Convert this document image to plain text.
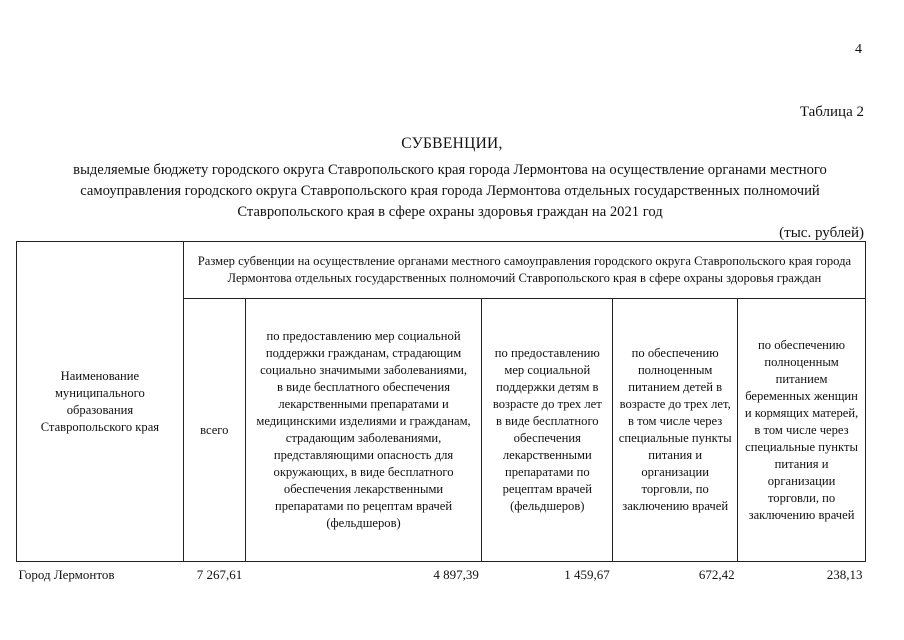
4
Таблица 2
СУБВЕНЦИИ,
выделяемые бюджету городского округа Ставропольского края города Лермонтова на осуществление органами местного самоуправления городского округа Ставропольского края города Лермонтова отдельных государственных полномочий Ставропольского края в сфере охраны здоровья граждан на 2021 год
(тыс. рублей)
Наименование муниципального образования Ставропольского края	Размер субвенции на осуществление органами местного самоуправления городского округа Ставропольского края города Лермонтова отдельных государственных полномочий Ставропольского края в сфере охраны здоровья граждан				
	всего	по предоставлению мер социальной поддержки гражданам, страдающим социально значимыми заболеваниями, в виде бесплатного обеспечения лекарственными препаратами и медицинскими изделиями и гражданам, страдающим заболеваниями, представляющими опасность для окружающих, в виде бесплатного обеспечения лекарственными препаратами по рецептам врачей (фельдшеров)	по предоставлению мер социальной поддержки детям в возрасте до трех лет в виде бесплатного обеспечения лекарственными препаратами по рецептам врачей (фельдшеров)	по обеспечению полноценным питанием детей в возрасте до трех лет, в том числе через специальные пункты питания и организации торговли, по заключению врачей	по обеспечению полноценным питанием беременных женщин и кормящих матерей, в том числе через специальные пункты питания и организации торговли, по заключению врачей
Город Лермонтов	7 267,61	4 897,39	1 459,67	672,42	238,13
